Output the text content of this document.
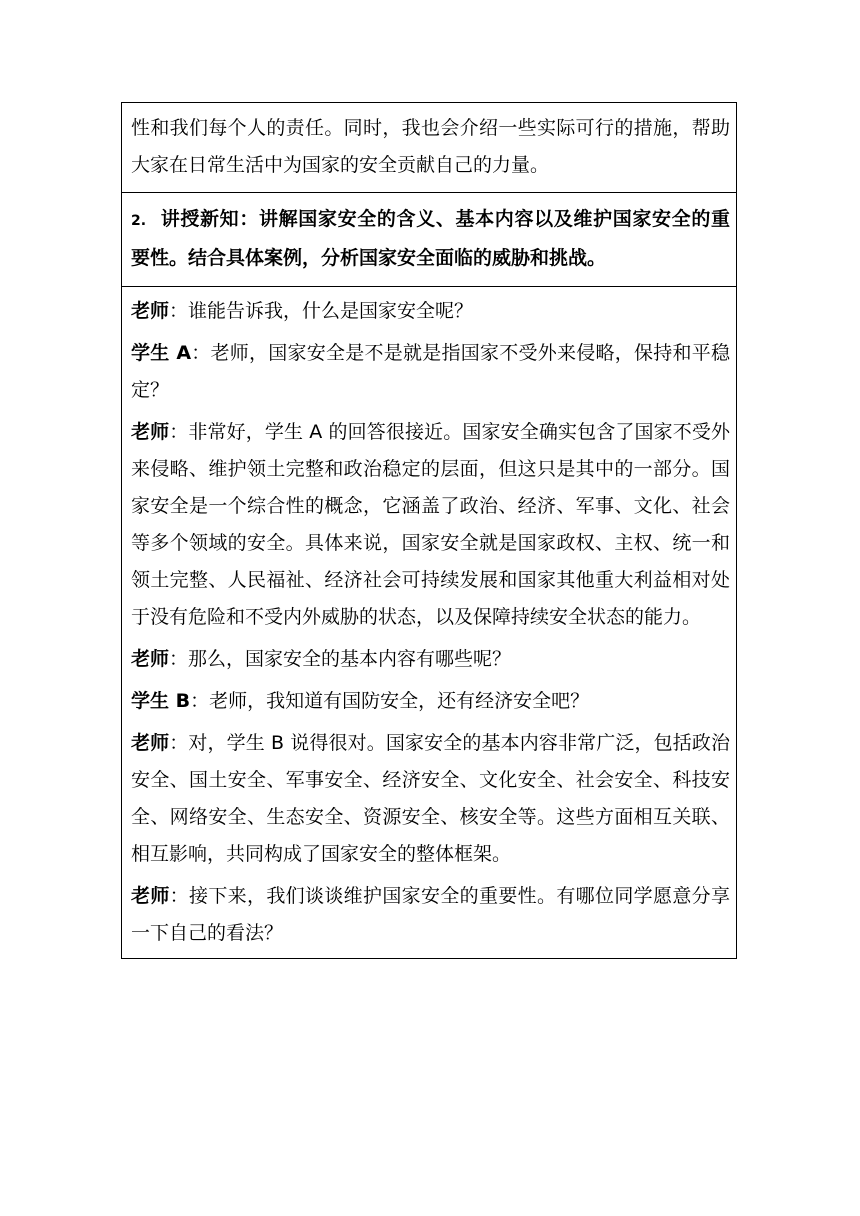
性和我们每个人的责任。同时，我也会介绍一些实际可行的措施，帮助大家在日常生活中为国家的安全贡献自己的力量。

2. 讲授新知：讲解国家安全的含义、基本内容以及维护国家安全的重要性。结合具体案例，分析国家安全面临的威胁和挑战。

老师：谁能告诉我，什么是国家安全呢？

学生 A：老师，国家安全是不是就是指国家不受外来侵略，保持和平稳定？

老师：非常好，学生 A 的回答很接近。国家安全确实包含了国家不受外来侵略、维护领土完整和政治稳定的层面，但这只是其中的一部分。国家安全是一个综合性的概念，它涵盖了政治、经济、军事、文化、社会等多个领域的安全。具体来说，国家安全就是国家政权、主权、统一和领土完整、人民福祉、经济社会可持续发展和国家其他重大利益相对处于没有危险和不受内外威胁的状态，以及保障持续安全状态的能力。

老师：那么，国家安全的基本内容有哪些呢？

学生 B：老师，我知道有国防安全，还有经济安全吧？

老师：对，学生 B 说得很对。国家安全的基本内容非常广泛，包括政治安全、国土安全、军事安全、经济安全、文化安全、社会安全、科技安全、网络安全、生态安全、资源安全、核安全等。这些方面相互关联、相互影响，共同构成了国家安全的整体框架。

老师：接下来，我们谈谈维护国家安全的重要性。有哪位同学愿意分享一下自己的看法？
